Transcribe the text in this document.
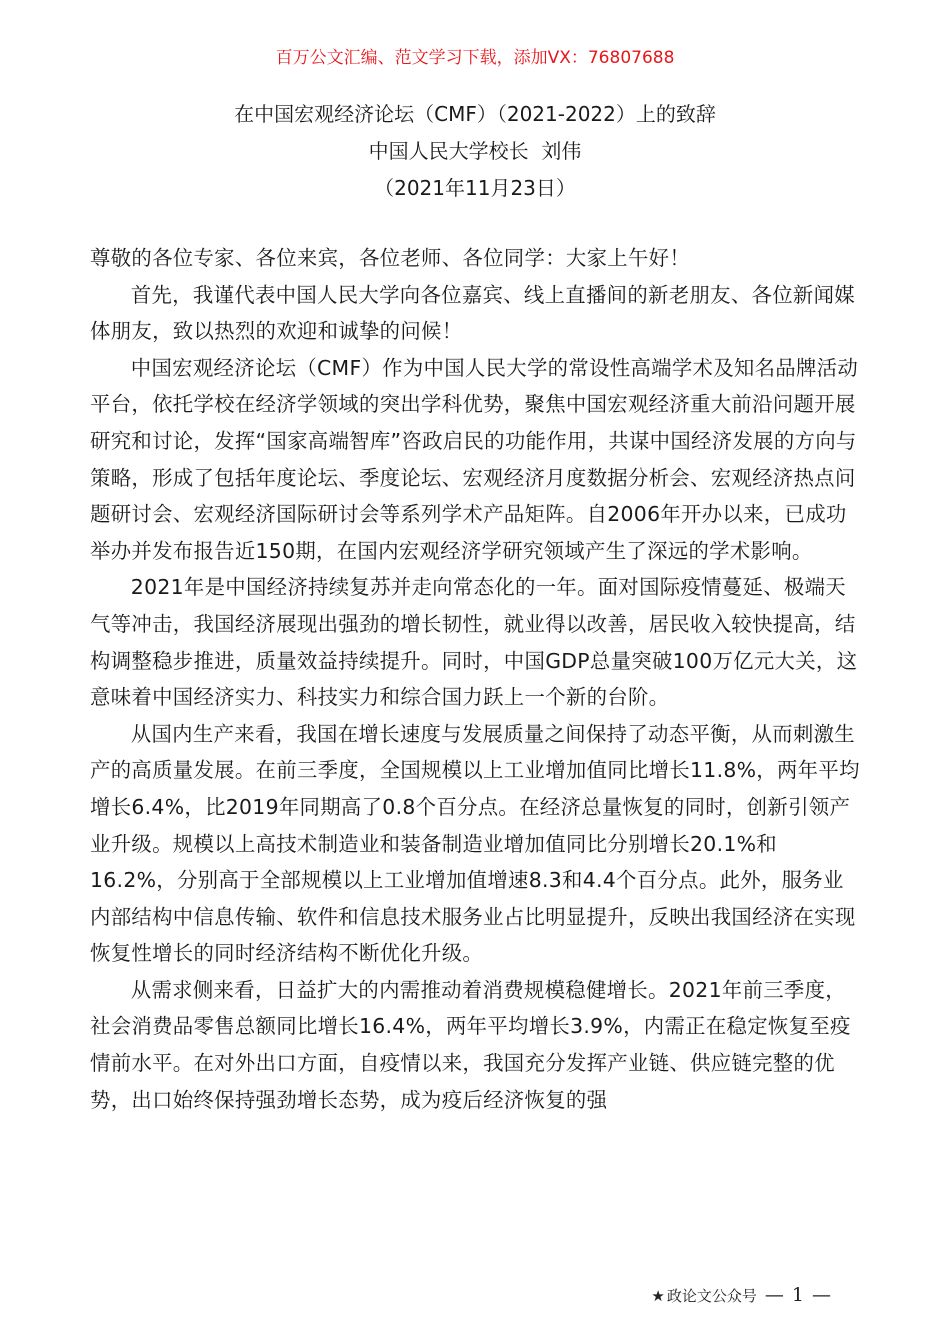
百万公文汇编、范文学习下载，添加VX：76807688
在中国宏观经济论坛（CMF）（2021-2022）上的致辞
中国人民大学校长  刘伟
（2021年11月23日）

尊敬的各位专家、各位来宾，各位老师、各位同学：大家上午好！

首先，我谨代表中国人民大学向各位嘉宾、线上直播间的新老朋友、各位新闻媒体朋友，致以热烈的欢迎和诚挚的问候！

中国宏观经济论坛（CMF）作为中国人民大学的常设性高端学术及知名品牌活动平台，依托学校在经济学领域的突出学科优势，聚焦中国宏观经济重大前沿问题开展研究和讨论，发挥“国家高端智库”咨政启民的功能作用，共谋中国经济发展的方向与策略，形成了包括年度论坛、季度论坛、宏观经济月度数据分析会、宏观经济热点问题研讨会、宏观经济国际研讨会等系列学术产品矩阵。自2006年开办以来，已成功举办并发布报告近150期，在国内宏观经济学研究领域产生了深远的学术影响。

2021年是中国经济持续复苏并走向常态化的一年。面对国际疫情蔓延、极端天气等冲击，我国经济展现出强劲的增长韧性，就业得以改善，居民收入较快提高，结构调整稳步推进，质量效益持续提升。同时，中国GDP总量突破100万亿元大关，这意味着中国经济实力、科技实力和综合国力跃上一个新的台阶。

从国内生产来看，我国在增长速度与发展质量之间保持了动态平衡，从而刺激生产的高质量发展。在前三季度，全国规模以上工业增加值同比增长11.8%，两年平均增长6.4%，比2019年同期高了0.8个百分点。在经济总量恢复的同时，创新引领产业升级。规模以上高技术制造业和装备制造业增加值同比分别增长20.1%和16.2%，分别高于全部规模以上工业增加值增速8.3和4.4个百分点。此外，服务业内部结构中信息传输、软件和信息技术服务业占比明显提升，反映出我国经济在实现恢复性增长的同时经济结构不断优化升级。

从需求侧来看，日益扩大的内需推动着消费规模稳健增长。2021年前三季度，社会消费品零售总额同比增长16.4%，两年平均增长3.9%，内需正在稳定恢复至疫情前水平。在对外出口方面，自疫情以来，我国充分发挥产业链、供应链完整的优势，出口始终保持强劲增长态势，成为疫后经济恢复的强

★ 政论文公众号 — 1 —
